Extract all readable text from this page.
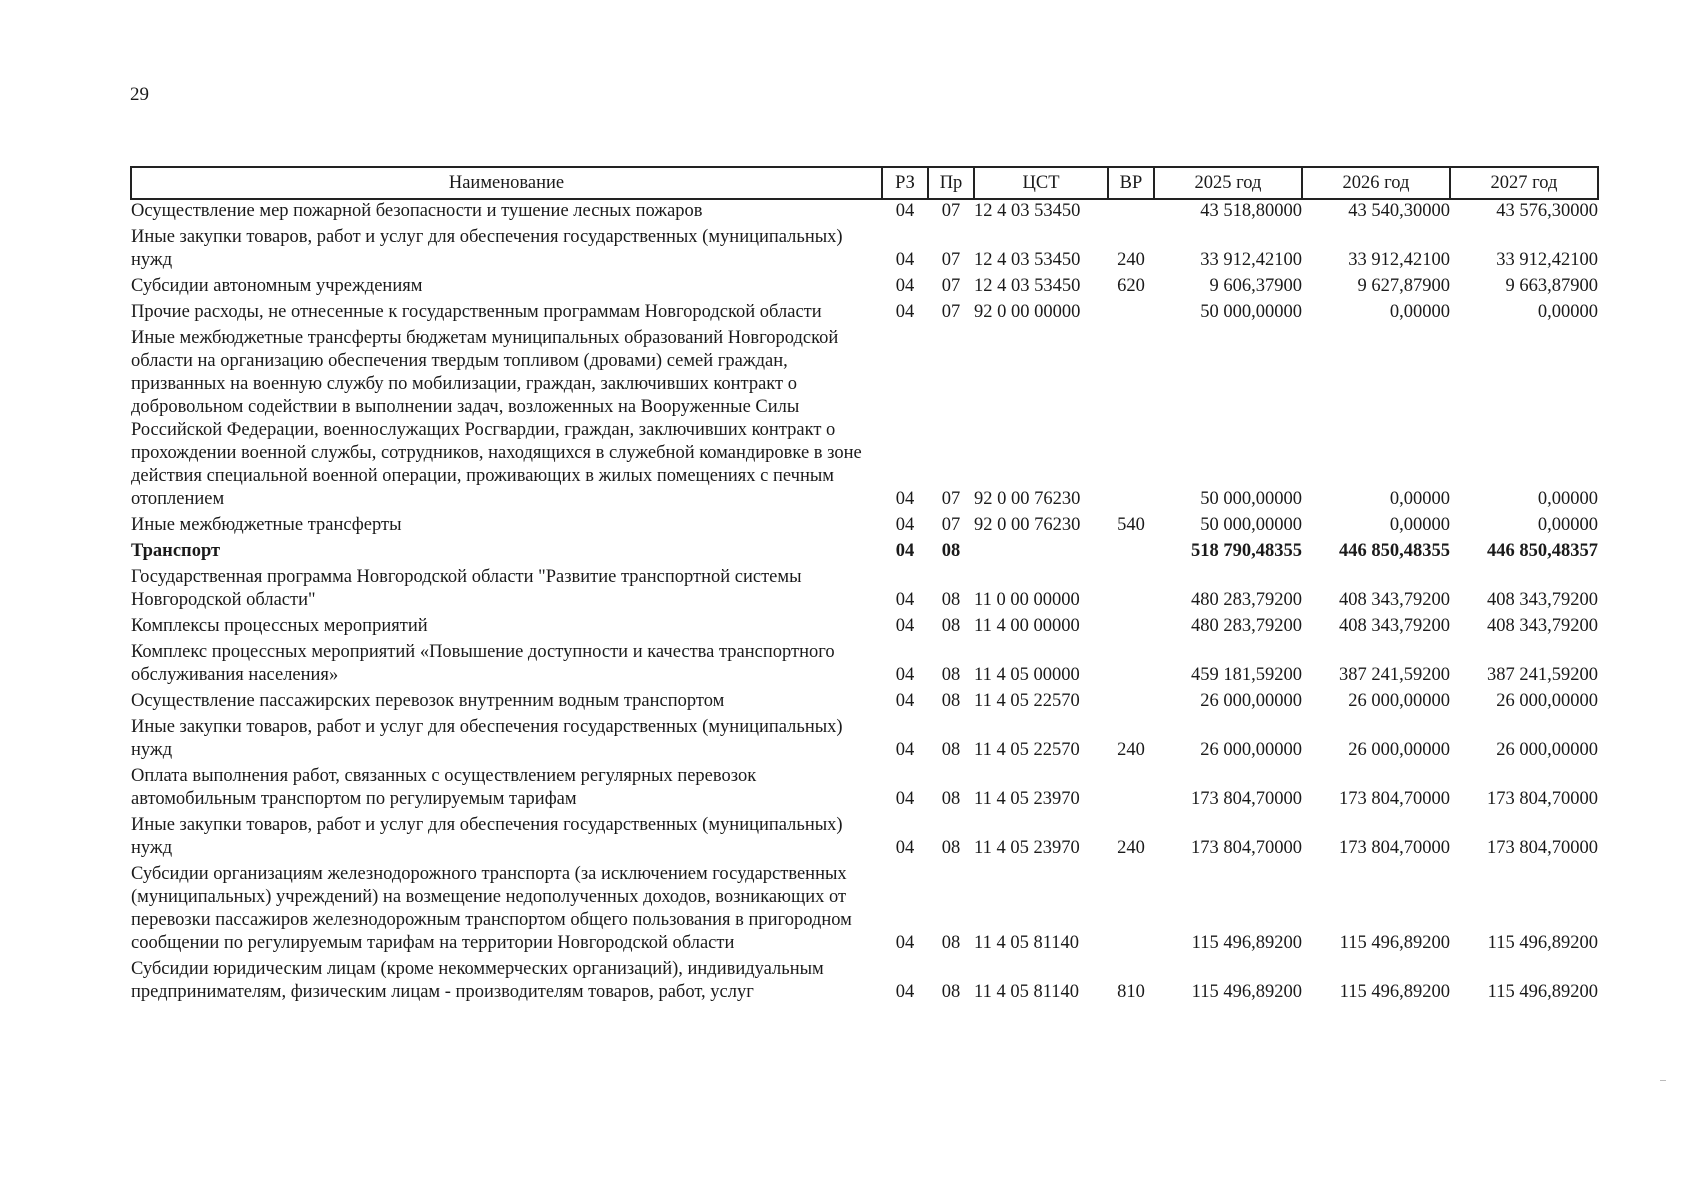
29
Наименование	РЗ	Пр	ЦСТ	ВР	2025 год	2026 год	2027 год
Осуществление мер пожарной безопасности и тушение лесных пожаров	04	07	12 4 03 53450		43 518,80000	43 540,30000	43 576,30000
Иные закупки товаров, работ и услуг для обеспечения государственных (муниципальных) нужд	04	07	12 4 03 53450	240	33 912,42100	33 912,42100	33 912,42100
Субсидии автономным учреждениям	04	07	12 4 03 53450	620	9 606,37900	9 627,87900	9 663,87900
Прочие расходы, не отнесенные к государственным программам Новгородской области	04	07	92 0 00 00000		50 000,00000	0,00000	0,00000
Иные межбюджетные трансферты бюджетам муниципальных образований Новгородской области на организацию обеспечения твердым топливом (дровами) семей граждан, призванных на военную службу по мобилизации, граждан, заключивших контракт о добровольном содействии в выполнении задач, возложенных на Вооруженные Силы Российской Федерации, военнослужащих Росгвардии, граждан, заключивших контракт о прохождении военной службы, сотрудников, находящихся в служебной командировке в зоне действия специальной военной операции, проживающих в жилых помещениях с печным отоплением	04	07	92 0 00 76230		50 000,00000	0,00000	0,00000
Иные межбюджетные трансферты	04	07	92 0 00 76230	540	50 000,00000	0,00000	0,00000
Транспорт	04	08			518 790,48355	446 850,48355	446 850,48357
Государственная программа Новгородской области "Развитие транспортной системы Новгородской области"	04	08	11 0 00 00000		480 283,79200	408 343,79200	408 343,79200
Комплексы процессных мероприятий	04	08	11 4 00 00000		480 283,79200	408 343,79200	408 343,79200
Комплекс процессных мероприятий «Повышение доступности и качества транспортного обслуживания населения»	04	08	11 4 05 00000		459 181,59200	387 241,59200	387 241,59200
Осуществление пассажирских перевозок внутренним водным транспортом	04	08	11 4 05 22570		26 000,00000	26 000,00000	26 000,00000
Иные закупки товаров, работ и услуг для обеспечения государственных (муниципальных) нужд	04	08	11 4 05 22570	240	26 000,00000	26 000,00000	26 000,00000
Оплата выполнения работ, связанных с осуществлением регулярных перевозок автомобильным транспортом по регулируемым тарифам	04	08	11 4 05 23970		173 804,70000	173 804,70000	173 804,70000
Иные закупки товаров, работ и услуг для обеспечения государственных (муниципальных) нужд	04	08	11 4 05 23970	240	173 804,70000	173 804,70000	173 804,70000
Субсидии организациям железнодорожного транспорта (за исключением государственных (муниципальных) учреждений) на возмещение недополученных доходов, возникающих от перевозки пассажиров железнодорожным транспортом общего пользования в пригородном сообщении по регулируемым тарифам на территории Новгородской области	04	08	11 4 05 81140		115 496,89200	115 496,89200	115 496,89200
Субсидии юридическим лицам (кроме некоммерческих организаций), индивидуальным предпринимателям, физическим лицам - производителям товаров, работ, услуг	04	08	11 4 05 81140	810	115 496,89200	115 496,89200	115 496,89200
